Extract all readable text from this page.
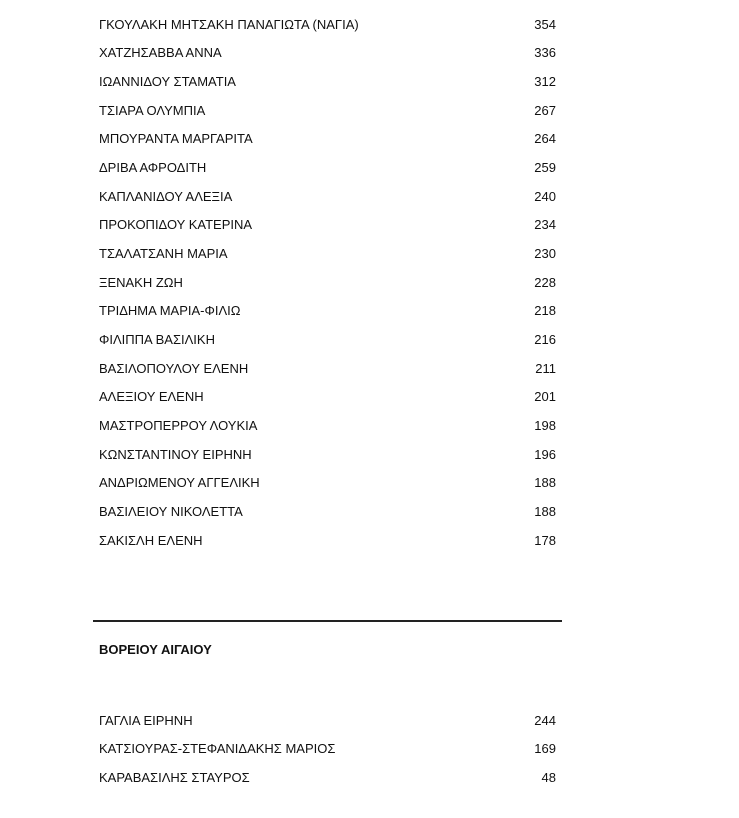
ΓΚΟΥΛΑΚΗ ΜΗΤΣΑΚΗ ΠΑΝΑΓΙΩΤΑ (ΝΑΓΙΑ)	354
ΧΑΤΖΗΣΑΒΒΑ ΑΝΝΑ	336
ΙΩΑΝΝΙΔΟΥ ΣΤΑΜΑΤΙΑ	312
ΤΣΙΑΡΑ ΟΛΥΜΠΙΑ	267
ΜΠΟΥΡΑΝΤΑ ΜΑΡΓΑΡΙΤΑ	264
ΔΡΙΒΑ ΑΦΡΟΔΙΤΗ	259
ΚΑΠΛΑΝΙΔΟΥ ΑΛΕΞΙΑ	240
ΠΡΟΚΟΠΙΔΟΥ ΚΑΤΕΡΙΝΑ	234
ΤΣΑΛΑΤΣΑΝΗ ΜΑΡΙΑ	230
ΞΕΝΑΚΗ ΖΩΗ	228
ΤΡΙΔΗΜΑ ΜΑΡΙΑ-ΦΙΛΙΩ	218
ΦΙΛΙΠΠΑ ΒΑΣΙΛΙΚΗ	216
ΒΑΣΙΛΟΠΟΥΛΟΥ ΕΛΕΝΗ	211
ΑΛΕΞΙΟΥ ΕΛΕΝΗ	201
ΜΑΣΤΡΟΠΕΡΡΟΥ ΛΟΥΚΙΑ	198
ΚΩΝΣΤΑΝΤΙΝΟΥ ΕΙΡΗΝΗ	196
ΑΝΔΡΙΩΜΕΝΟΥ ΑΓΓΕΛΙΚΗ	188
ΒΑΣΙΛΕΙΟΥ ΝΙΚΟΛΕΤΤΑ	188
ΣΑΚΙΣΛΗ ΕΛΕΝΗ	178
ΒΟΡΕΙΟΥ ΑΙΓΑΙΟΥ
ΓΑΓΛΙΑ ΕΙΡΗΝΗ	244
ΚΑΤΣΙΟΥΡΑΣ-ΣΤΕΦΑΝΙΔΑΚΗΣ ΜΑΡΙΟΣ	169
ΚΑΡΑΒΑΣΙΛΗΣ ΣΤΑΥΡΟΣ	48
